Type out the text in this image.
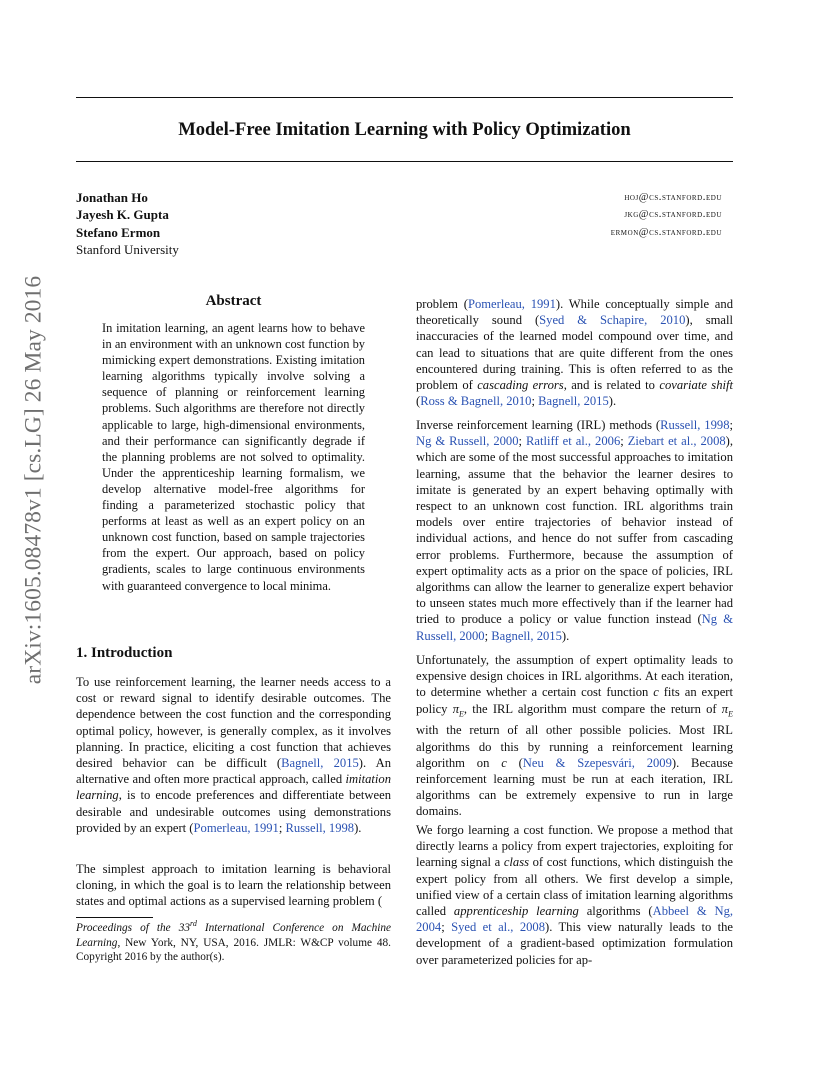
arXiv:1605.08478v1 [cs.LG] 26 May 2016
Model-Free Imitation Learning with Policy Optimization
Jonathan Ho	hoj@cs.stanford.edu
Jayesh K. Gupta	jkg@cs.stanford.edu
Stefano Ermon	ermon@cs.stanford.edu
Stanford University
Abstract

In imitation learning, an agent learns how to behave in an environment with an unknown cost function by mimicking expert demonstrations. Existing imitation learning algorithms typically involve solving a sequence of planning or reinforcement learning problems. Such algorithms are therefore not directly applicable to large, high-dimensional environments, and their performance can significantly degrade if the planning problems are not solved to optimality. Under the apprenticeship learning formalism, we develop alternative model-free algorithms for finding a parameterized stochastic policy that performs at least as well as an expert policy on an unknown cost function, based on sample trajectories from the expert. Our approach, based on policy gradients, scales to large continuous environments with guaranteed convergence to local minima.

1. Introduction

To use reinforcement learning, the learner needs access to a cost or reward signal to identify desirable outcomes. The dependence between the cost function and the corresponding optimal policy, however, is generally complex, as it involves planning. In practice, eliciting a cost function that achieves desired behavior can be difficult (Bagnell, 2015). An alternative and often more practical approach, called imitation learning, is to encode preferences and differentiate between desirable and undesirable outcomes using demonstrations provided by an expert (Pomerleau, 1991; Russell, 1998).

The simplest approach to imitation learning is behavioral cloning, in which the goal is to learn the relationship between states and optimal actions as a supervised learning problem (

Proceedings of the 33rd International Conference on Machine Learning, New York, NY, USA, 2016. JMLR: W&CP volume 48. Copyright 2016 by the author(s).

problem (Pomerleau, 1991). While conceptually simple and theoretically sound (Syed & Schapire, 2010), small inaccuracies of the learned model compound over time, and can lead to situations that are quite different from the ones encountered during training. This is often referred to as the problem of cascading errors, and is related to covariate shift (Ross & Bagnell, 2010; Bagnell, 2015).

Inverse reinforcement learning (IRL) methods (Russell, 1998; Ng & Russell, 2000; Ratliff et al., 2006; Ziebart et al., 2008), which are some of the most successful approaches to imitation learning, assume that the behavior the learner desires to imitate is generated by an expert behaving optimally with respect to an unknown cost function. IRL algorithms train models over entire trajectories of behavior instead of individual actions, and hence do not suffer from cascading error problems. Furthermore, because the assumption of expert optimality acts as a prior on the space of policies, IRL algorithms can allow the learner to generalize expert behavior to unseen states much more effectively than if the learner had tried to produce a policy or value function instead (Ng & Russell, 2000; Bagnell, 2015).

Unfortunately, the assumption of expert optimality leads to expensive design choices in IRL algorithms. At each iteration, to determine whether a certain cost function c fits an expert policy $\pi_E$, the IRL algorithm must compare the return of $\pi_E$ with the return of all other possible policies. Most IRL algorithms do this by running a reinforcement learning algorithm on c (Neu & Szepesvári, 2009). Because reinforcement learning must be run at each iteration, IRL algorithms can be extremely expensive to run in large domains.

We forgo learning a cost function. We propose a method that directly learns a policy from expert trajectories, exploiting for learning signal a class of cost functions, which distinguish the expert policy from all others. We first develop a simple, unified view of a certain class of imitation learning algorithms called apprenticeship learning algorithms (Abbeel & Ng, 2004; Syed et al., 2008). This view naturally leads to the development of a gradient-based optimization formulation over parameterized policies for ap-
